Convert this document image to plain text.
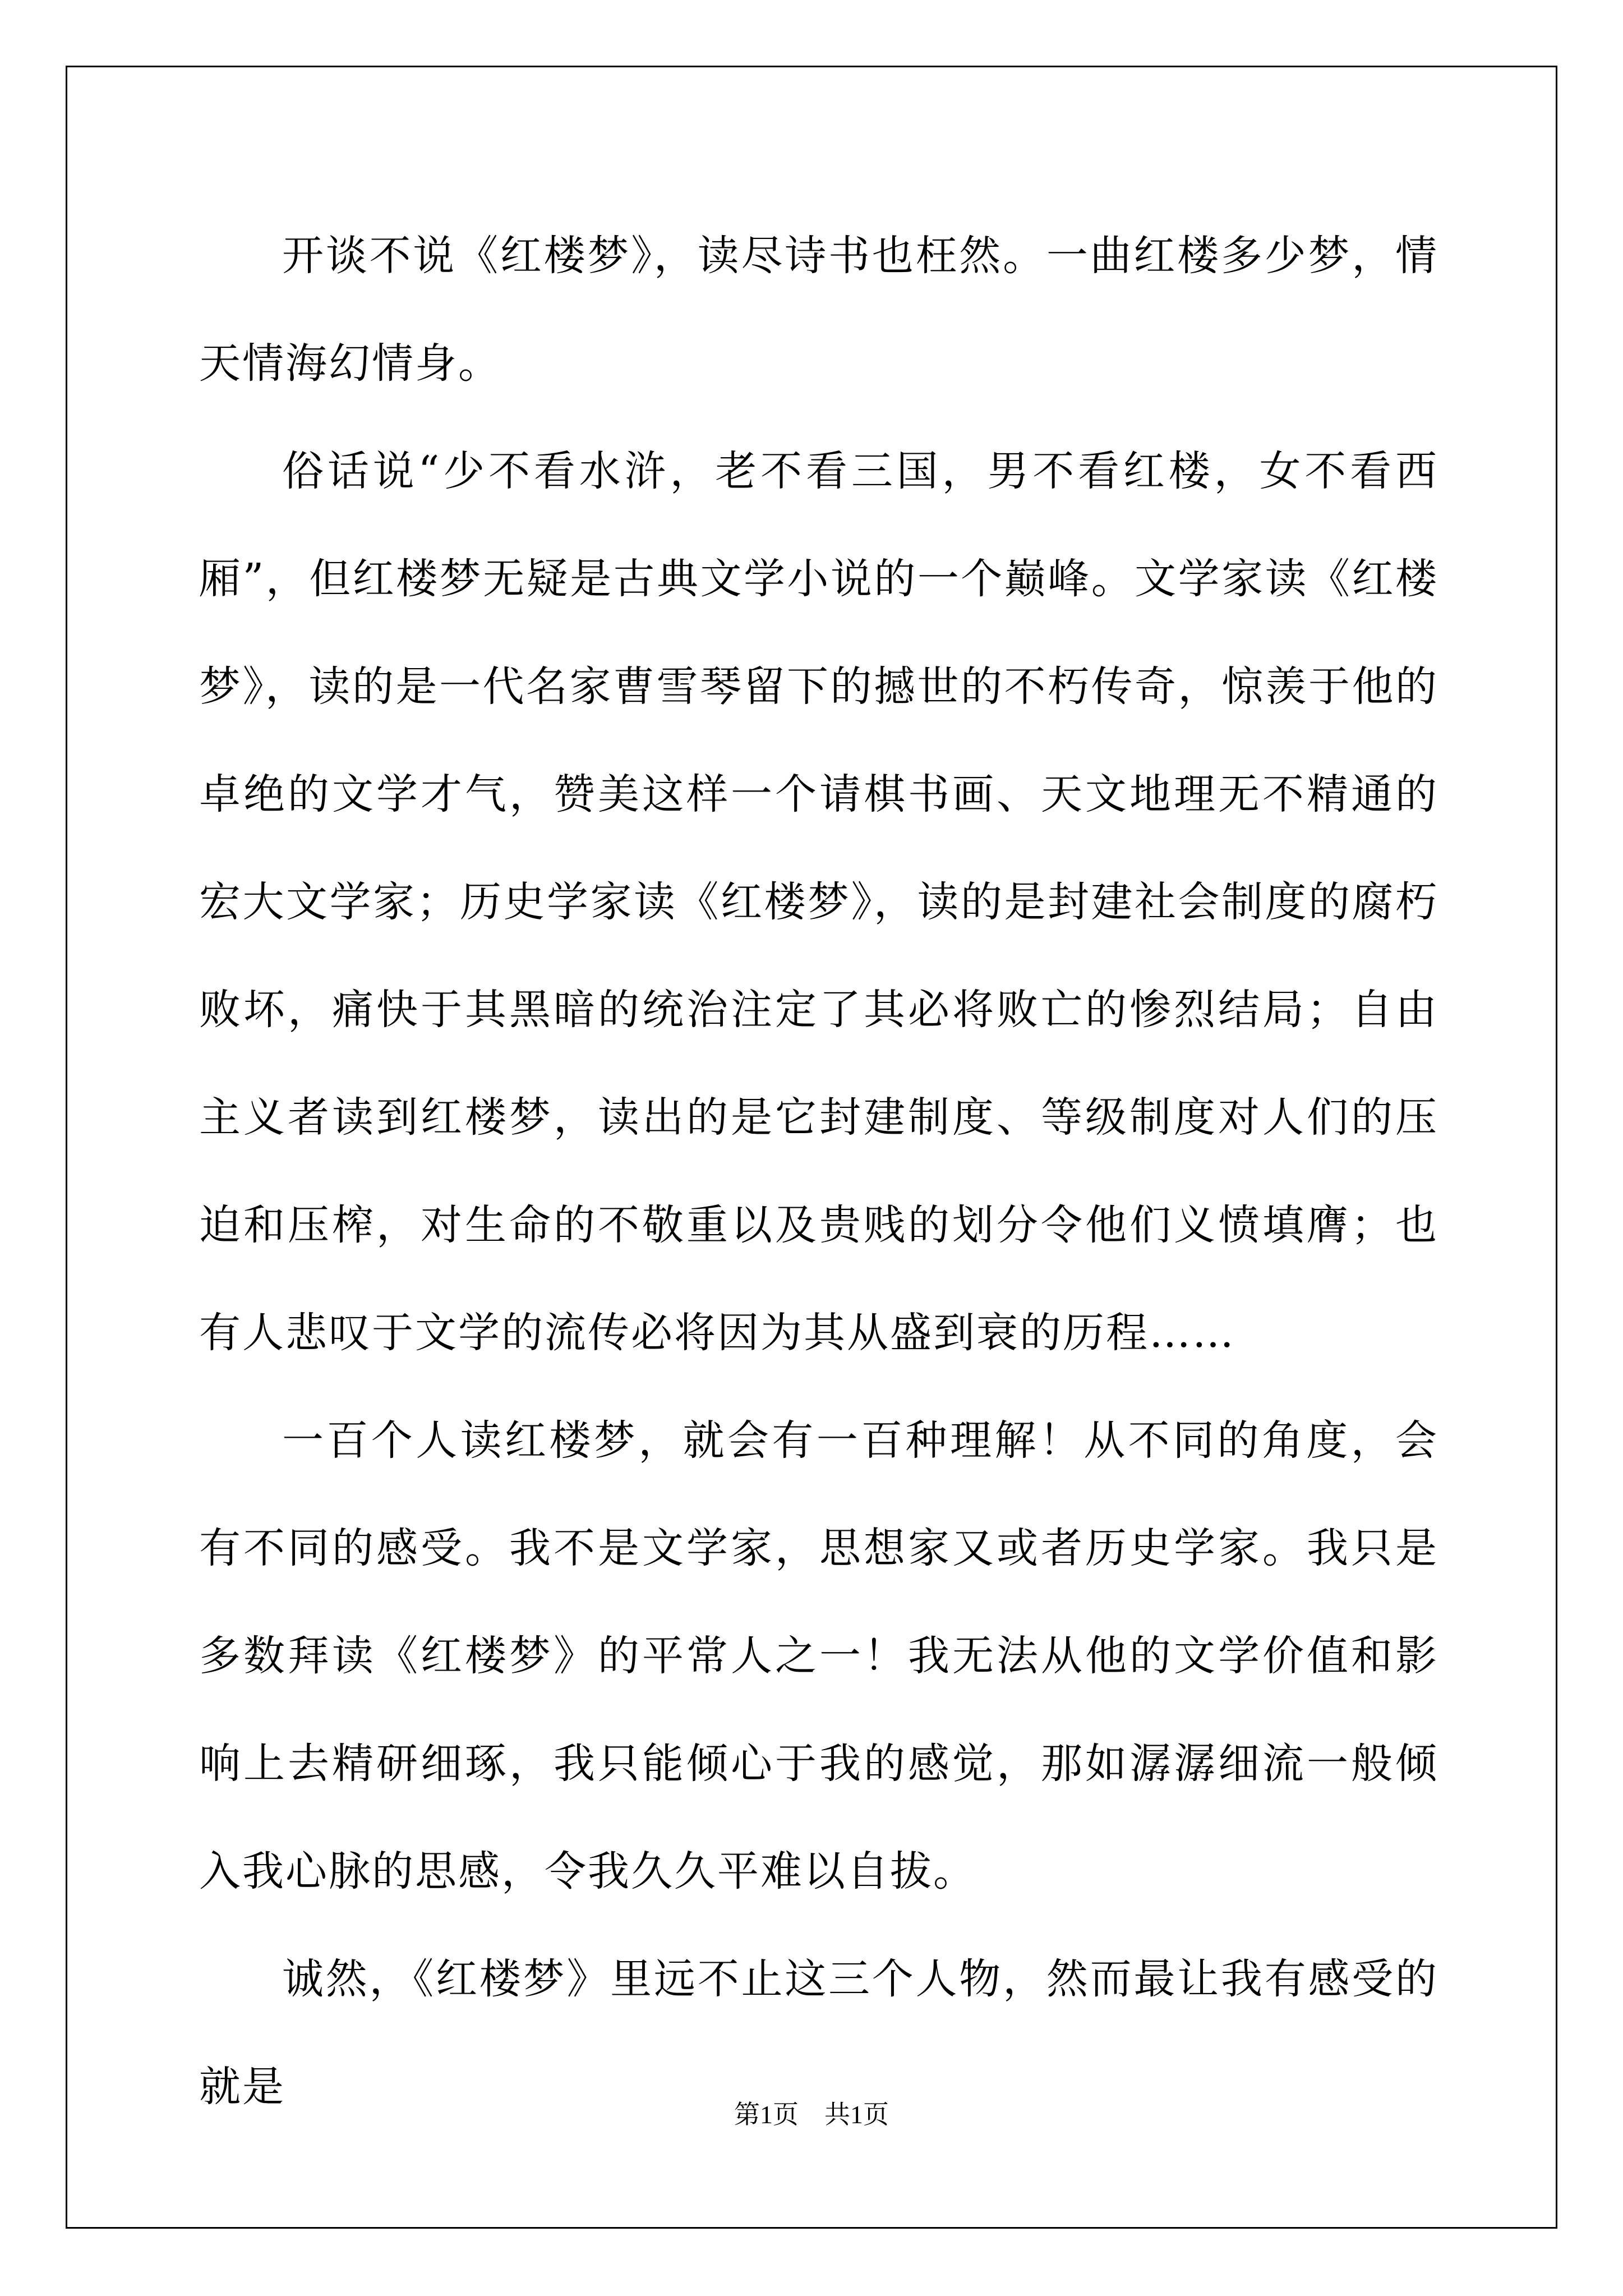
开谈不说《红楼梦》，读尽诗书也枉然。一曲红楼多少梦，情天情海幻情身。

俗话说“少不看水浒，老不看三国，男不看红楼，女不看西厢”，但红楼梦无疑是古典文学小说的一个巅峰。文学家读《红楼梦》，读的是一代名家曹雪琴留下的撼世的不朽传奇，惊羡于他的卓绝的文学才气，赞美这样一个请棋书画、天文地理无不精通的宏大文学家；历史学家读《红楼梦》，读的是封建社会制度的腐朽败坏，痛快于其黑暗的统治注定了其必将败亡的惨烈结局；自由主义者读到红楼梦，读出的是它封建制度、等级制度对人们的压迫和压榨，对生命的不敬重以及贵贱的划分令他们义愤填膺；也有人悲叹于文学的流传必将因为其从盛到衰的历程……

一百个人读红楼梦，就会有一百种理解！从不同的角度，会有不同的感受。我不是文学家，思想家又或者历史学家。我只是多数拜读《红楼梦》的平常人之一！我无法从他的文学价值和影响上去精研细琢，我只能倾心于我的感觉，那如潺潺细流一般倾入我心脉的思感，令我久久平难以自拔。

诚然，《红楼梦》里远不止这三个人物，然而最让我有感受的就是

第1页　共1页
